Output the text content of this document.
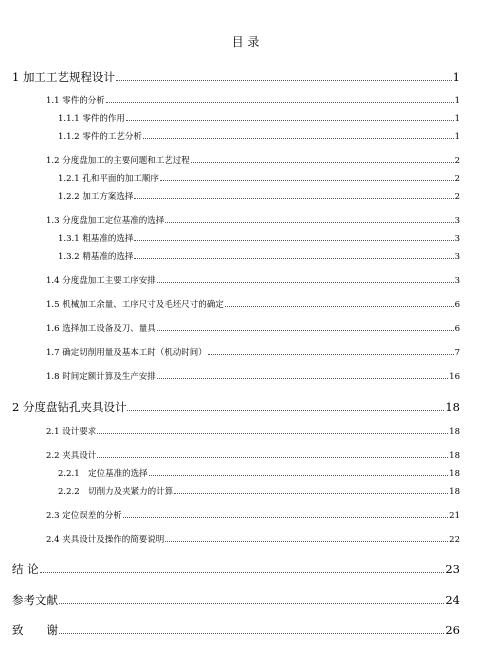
目 录
1 加工工艺规程设计	1
1.1 零件的分析	1
1.1.1 零件的作用	1
1.1.2 零件的工艺分析	1
1.2 分度盘加工的主要问题和工艺过程	2
1.2.1 孔和平面的加工顺序	2
1.2.2 加工方案选择	2
1.3 分度盘加工定位基准的选择	3
1.3.1 粗基准的选择	3
1.3.2 精基准的选择	3
1.4 分度盘加工主要工序安排	3
1.5 机械加工余量、工序尺寸及毛坯尺寸的确定	6
1.6 选择加工设备及刀、量具	6
1.7 确定切削用量及基本工时（机动时间）	7
1.8 时间定额计算及生产安排	16
2 分度盘钻孔夹具设计	18
2.1 设计要求	18
2.2 夹具设计	18
2.2.1　定位基准的选择	18
2.2.2　切削力及夹紧力的计算	18
2.3 定位误差的分析	21
2.4 夹具设计及操作的简要说明	22
结 论	23
参考文献	24
致　　谢	26
